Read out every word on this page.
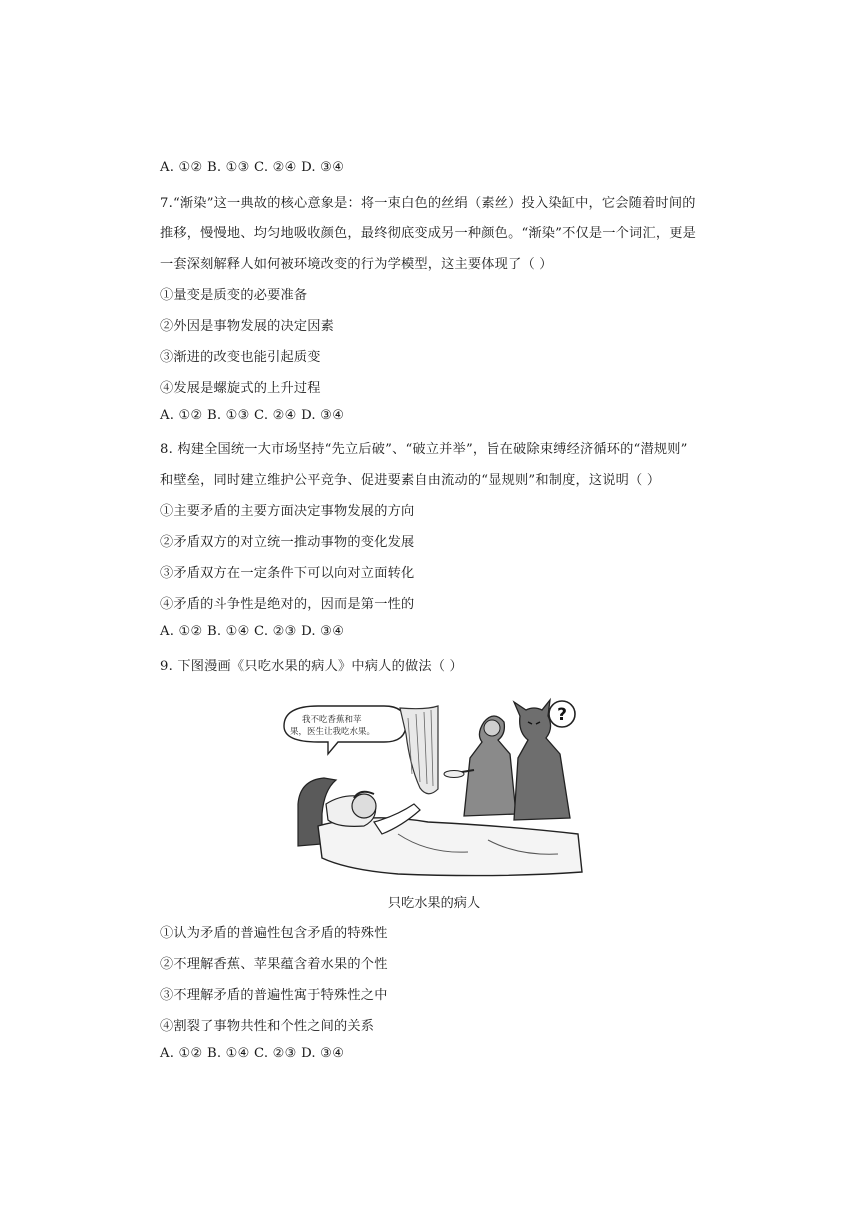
A. ①② B. ①③ C. ②④ D. ③④
7.“渐染”这一典故的核心意象是：将一束白色的丝绢（素丝）投入染缸中，它会随着时间的
推移，慢慢地、均匀地吸收颜色，最终彻底变成另一种颜色。“渐染”不仅是一个词汇，更是
一套深刻解释人如何被环境改变的行为学模型，这主要体现了（ ）
①量变是质变的必要准备
②外因是事物发展的决定因素
③渐进的改变也能引起质变
④发展是螺旋式的上升过程
A. ①② B. ①③ C. ②④ D. ③④
8. 构建全国统一大市场坚持“先立后破”、“破立并举”，旨在破除束缚经济循环的“潜规则”
和壁垒，同时建立维护公平竞争、促进要素自由流动的“显规则”和制度，这说明（ ）
①主要矛盾的主要方面决定事物发展的方向
②矛盾双方的对立统一推动事物的变化发展
③矛盾双方在一定条件下可以向对立面转化
④矛盾的斗争性是绝对的，因而是第一性的
A. ①② B. ①④ C. ②③ D. ③④
9. 下图漫画《只吃水果的病人》中病人的做法（ ）
我不吃香蕉和苹
果，医生让我吃水果。
?
只吃水果的病人
①认为矛盾的普遍性包含矛盾的特殊性
②不理解香蕉、苹果蕴含着水果的个性
③不理解矛盾的普遍性寓于特殊性之中
④割裂了事物共性和个性之间的关系
A. ①② B. ①④ C. ②③ D. ③④
